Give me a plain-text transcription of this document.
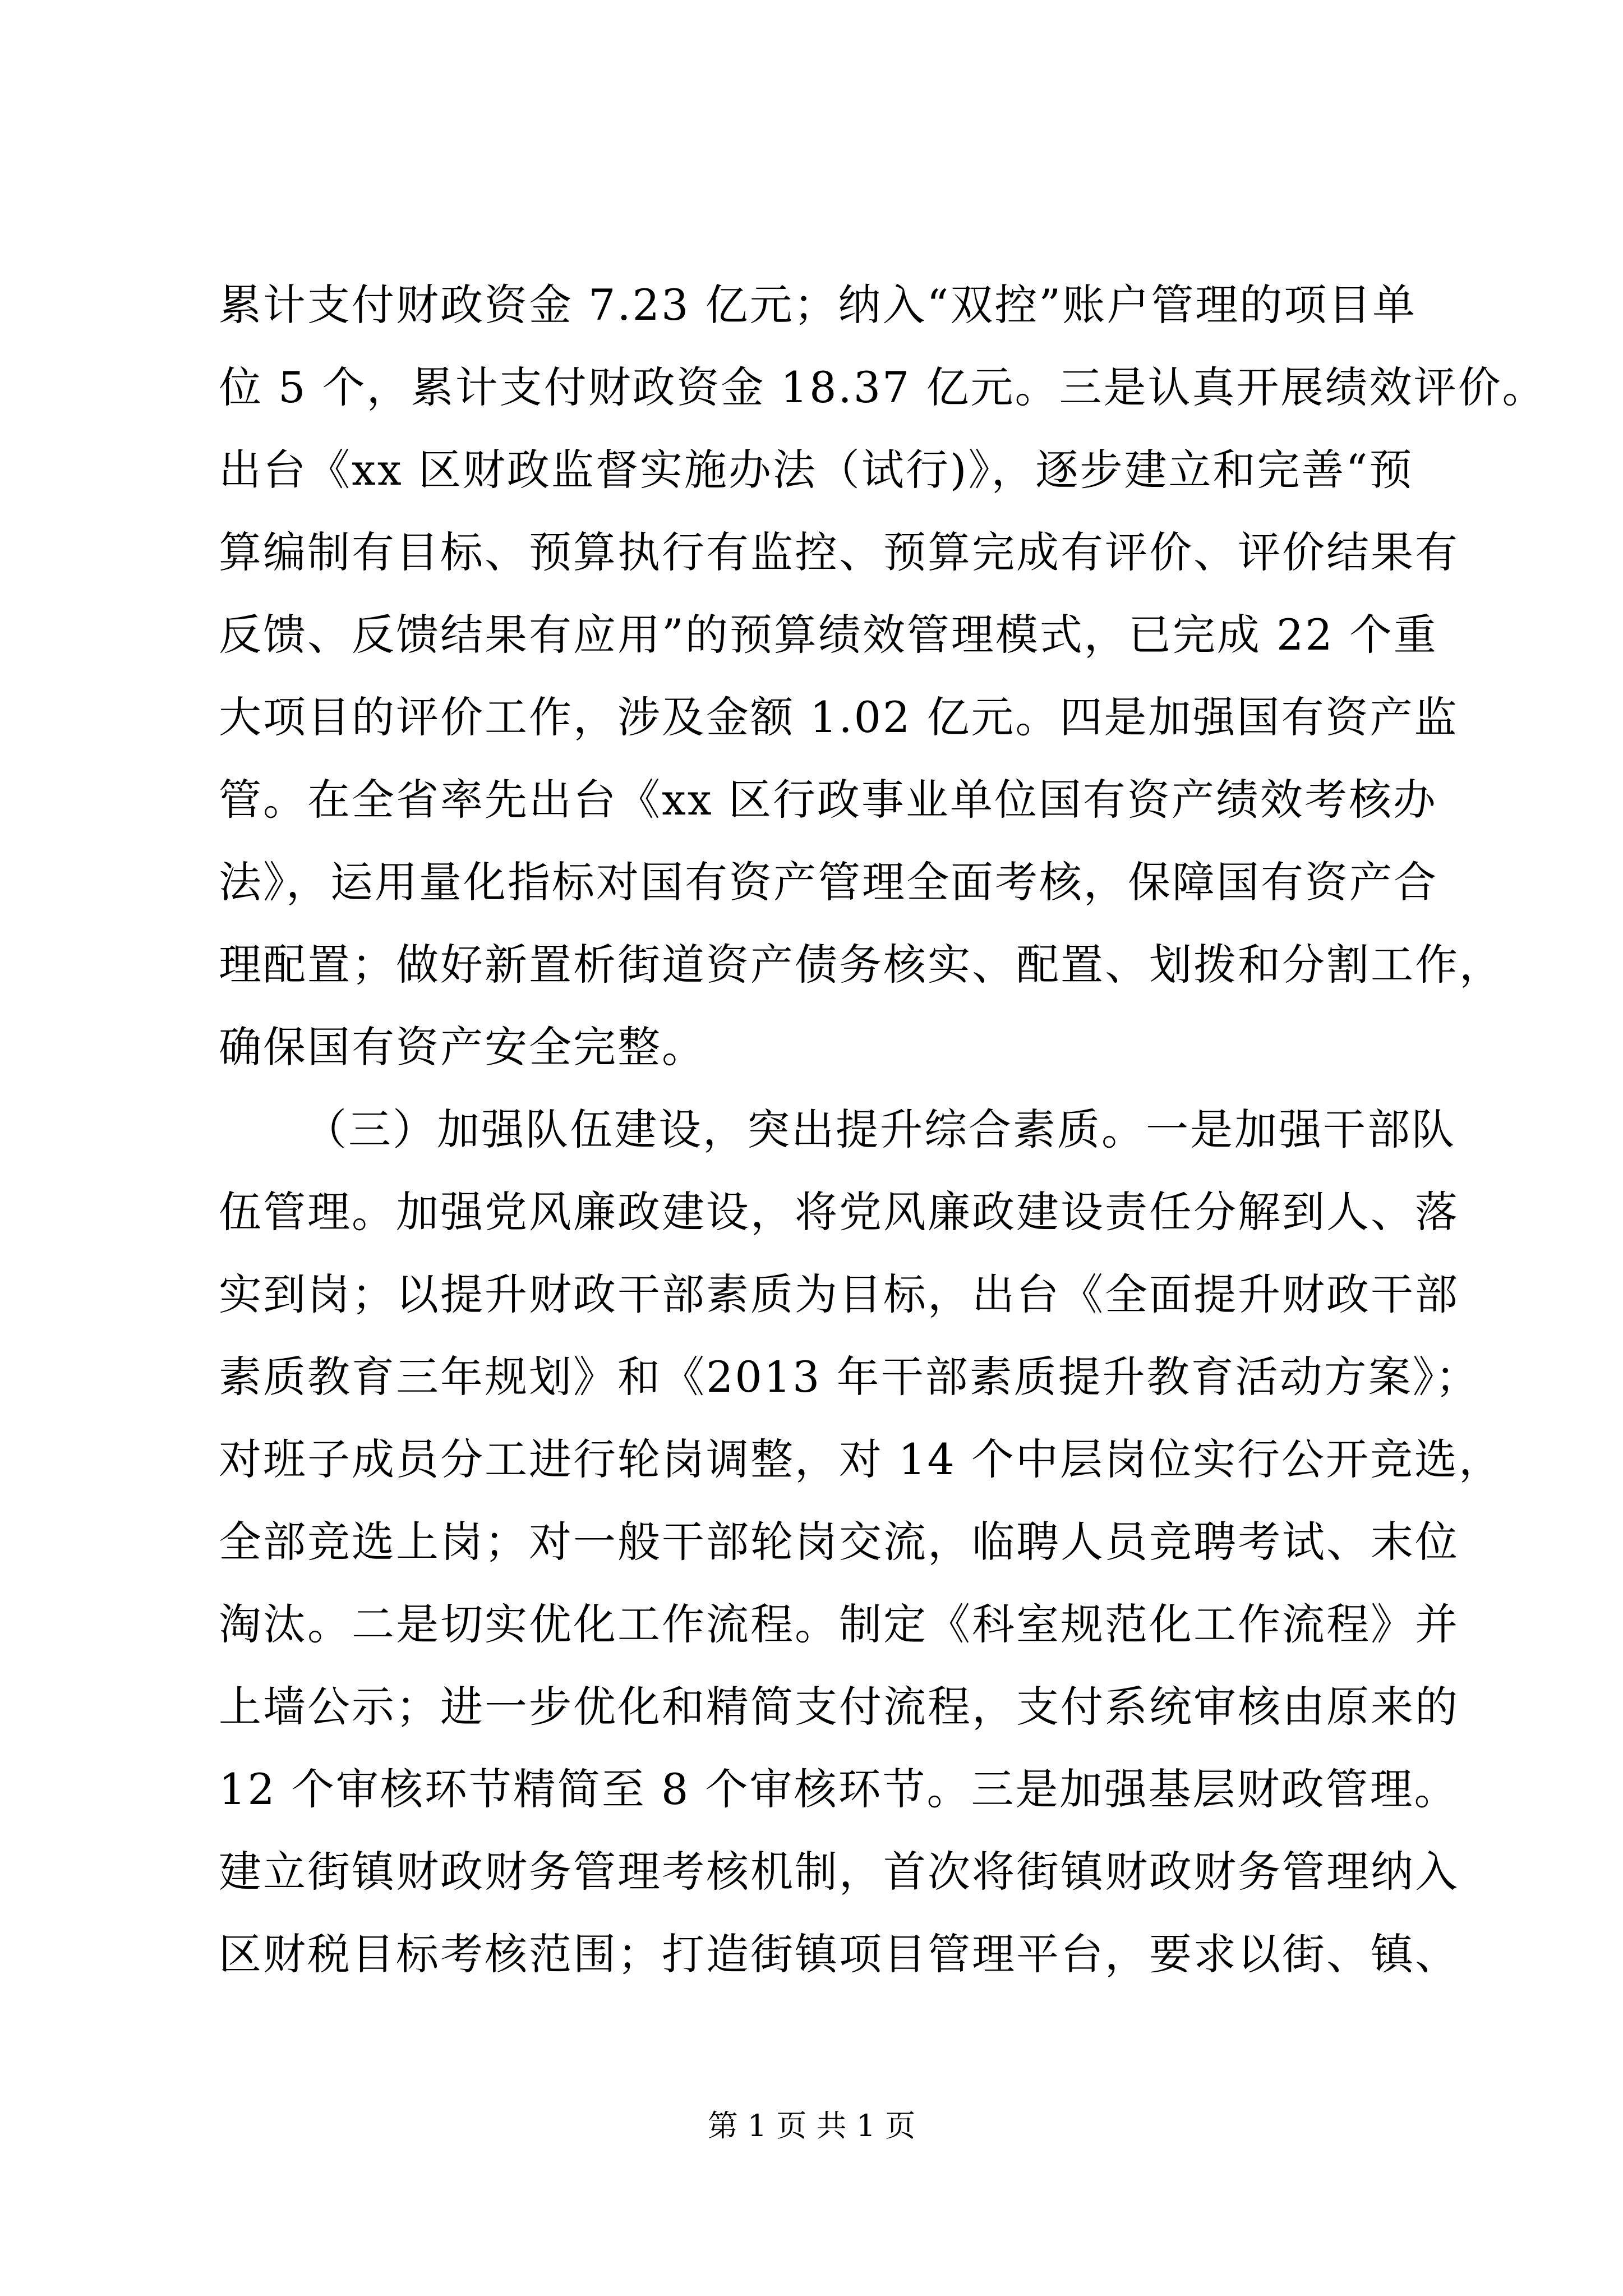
累计支付财政资金 7.23 亿元；纳入“双控”账户管理的项目单
位 5 个，累计支付财政资金 18.37 亿元。三是认真开展绩效评价。
出台《xx 区财政监督实施办法（试行)》，逐步建立和完善“预
算编制有目标、预算执行有监控、预算完成有评价、评价结果有
反馈、反馈结果有应用”的预算绩效管理模式，已完成 22 个重
大项目的评价工作，涉及金额 1.02 亿元。四是加强国有资产监
管。在全省率先出台《xx 区行政事业单位国有资产绩效考核办
法》，运用量化指标对国有资产管理全面考核，保障国有资产合
理配置；做好新置析街道资产债务核实、配置、划拨和分割工作，
确保国有资产安全完整。
（三）加强队伍建设，突出提升综合素质。一是加强干部队
伍管理。加强党风廉政建设，将党风廉政建设责任分解到人、落
实到岗；以提升财政干部素质为目标，出台《全面提升财政干部
素质教育三年规划》和《2013 年干部素质提升教育活动方案》；
对班子成员分工进行轮岗调整，对 14 个中层岗位实行公开竞选，
全部竞选上岗；对一般干部轮岗交流，临聘人员竞聘考试、末位
淘汰。二是切实优化工作流程。制定《科室规范化工作流程》并
上墙公示；进一步优化和精简支付流程，支付系统审核由原来的
12 个审核环节精简至 8 个审核环节。三是加强基层财政管理。
建立街镇财政财务管理考核机制，首次将街镇财政财务管理纳入
区财税目标考核范围；打造街镇项目管理平台，要求以街、镇、
第 1 页 共 1 页
